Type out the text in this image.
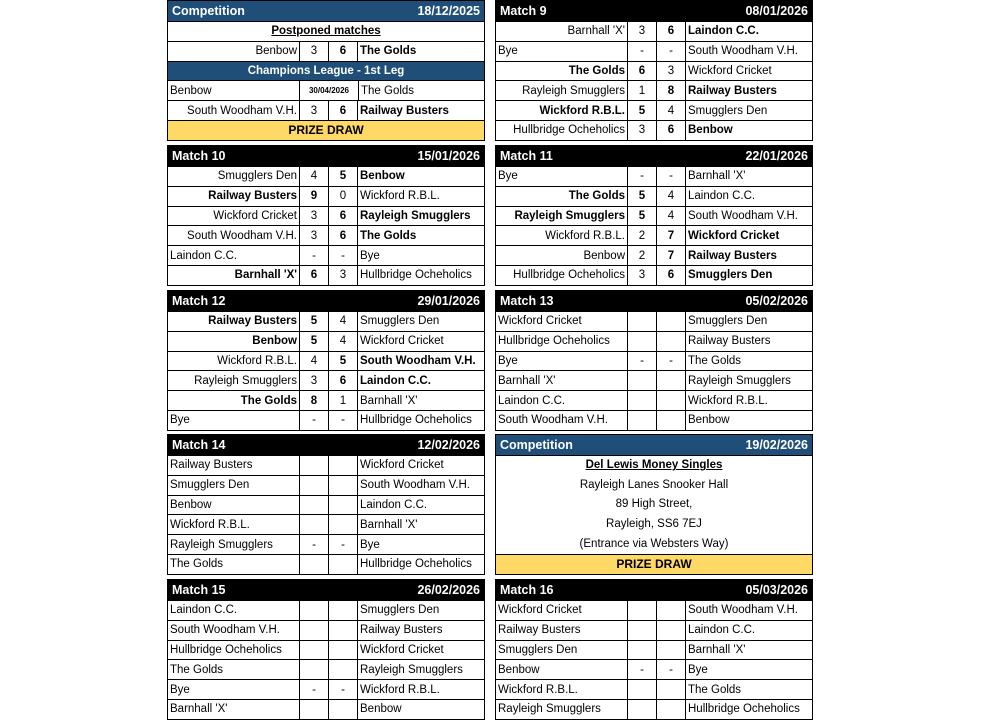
Competition	18/12/2025
Postponed matches
Benbow	3	6	The Golds
Champions League - 1st Leg
Benbow	30/04/2026	The Golds
South Woodham V.H.	3	6	Railway Busters
PRIZE DRAW
Match 9	08/01/2026
Barnhall 'X'	3	6	Laindon C.C.
Bye	-	-	South Woodham V.H.
The Golds	6	3	Wickford Cricket
Rayleigh Smugglers	1	8	Railway Busters
Wickford R.B.L.	5	4	Smugglers Den
Hullbridge Ocheholics	3	6	Benbow
Match 10	15/01/2026
Smugglers Den	4	5	Benbow
Railway Busters	9	0	Wickford R.B.L.
Wickford Cricket	3	6	Rayleigh Smugglers
South Woodham V.H.	3	6	The Golds
Laindon C.C.	-	-	Bye
Barnhall 'X'	6	3	Hullbridge Ocheholics
Match 11	22/01/2026
Bye	-	-	Barnhall 'X'
The Golds	5	4	Laindon C.C.
Rayleigh Smugglers	5	4	South Woodham V.H.
Wickford R.B.L.	2	7	Wickford Cricket
Benbow	2	7	Railway Busters
Hullbridge Ocheholics	3	6	Smugglers Den
Match 12	29/01/2026
Railway Busters	5	4	Smugglers Den
Benbow	5	4	Wickford Cricket
Wickford R.B.L.	4	5	South Woodham V.H.
Rayleigh Smugglers	3	6	Laindon C.C.
The Golds	8	1	Barnhall 'X'
Bye	-	-	Hullbridge Ocheholics
Match 13	05/02/2026
Wickford Cricket	Smugglers Den
Hullbridge Ocheholics	Railway Busters
Bye	-	-	The Golds
Barnhall 'X'	Rayleigh Smugglers
Laindon C.C.	Wickford R.B.L.
South Woodham V.H.	Benbow
Match 14	12/02/2026
Railway Busters	Wickford Cricket
Smugglers Den	South Woodham V.H.
Benbow	Laindon C.C.
Wickford R.B.L.	Barnhall 'X'
Rayleigh Smugglers	-	-	Bye
The Golds	Hullbridge Ocheholics
Competition	19/02/2026
Del Lewis Money Singles
Rayleigh Lanes Snooker Hall
89 High Street,
Rayleigh, SS6 7EJ
(Entrance via Websters Way)
PRIZE DRAW
Match 15	26/02/2026
Laindon C.C.	Smugglers Den
South Woodham V.H.	Railway Busters
Hullbridge Ocheholics	Wickford Cricket
The Golds	Rayleigh Smugglers
Bye	-	-	Wickford R.B.L.
Barnhall 'X'	Benbow
Match 16	05/03/2026
Wickford Cricket	South Woodham V.H.
Railway Busters	Laindon C.C.
Smugglers Den	Barnhall 'X'
Benbow	-	-	Bye
Wickford R.B.L.	The Golds
Rayleigh Smugglers	Hullbridge Ocheholics
